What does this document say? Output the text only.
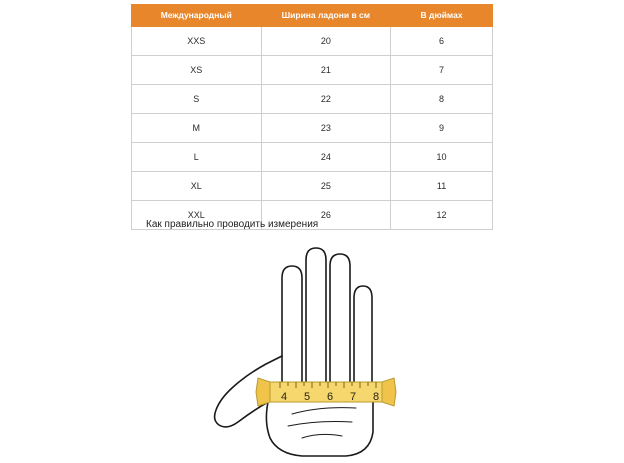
Международный	Ширина ладони в см	В дюймах
XXS	20	6
XS	21	7
S	22	8
M	23	9
L	24	10
XL	25	11
XXL	26	12
Как правильно проводить измерения
4 5 6 7 8
